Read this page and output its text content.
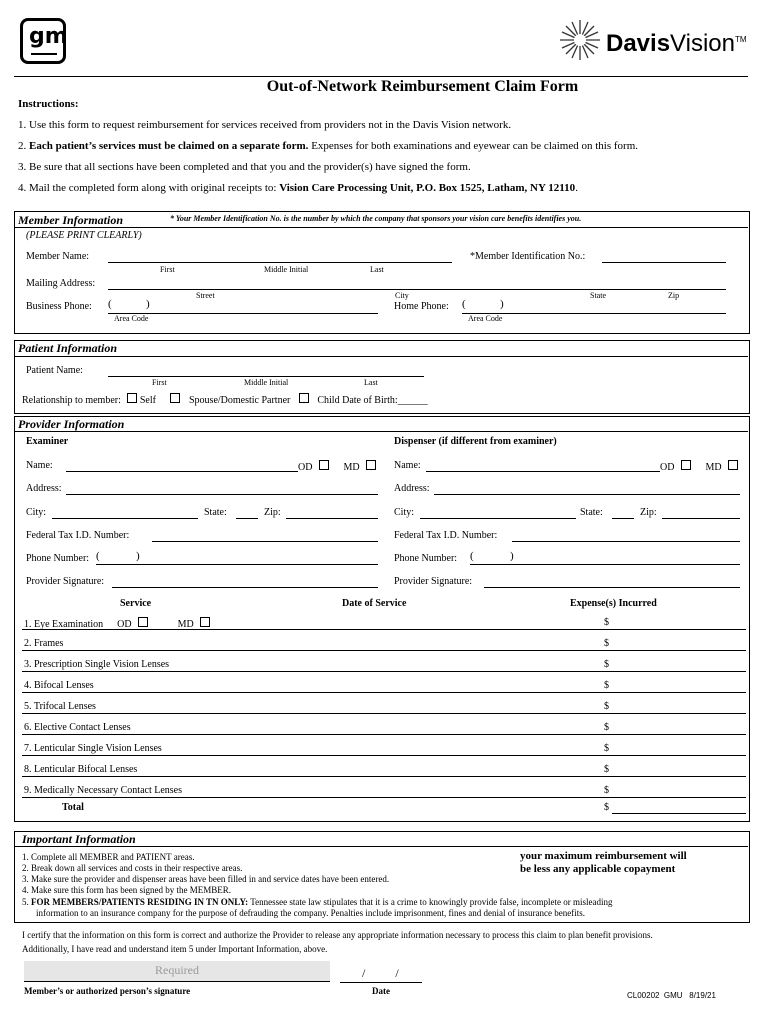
gm	DavisVision™
Out-of-Network Reimbursement Claim Form
Instructions:
1. Use this form to request reimbursement for services received from providers not in the Davis Vision network.
2. Each patient’s services must be claimed on a separate form. Expenses for both examinations and eyewear can be claimed on this form.
3. Be sure that all sections have been completed and that you and the provider(s) have signed the form.
4. Mail the completed form along with original receipts to: Vision Care Processing Unit, P.O. Box 1525, Latham, NY 12110.
Member Information	* Your Member Identification No. is the number by which the company that sponsors your vision care benefits identifies you.
(PLEASE PRINT CLEARLY)
Member Name:
First	Middle Initial	Last
*Member Identification No.:
Mailing Address:
Street	City	State	Zip
Business Phone: (	)
Area Code
Home Phone: (	)
Area Code
Patient Information
Patient Name:
First	Middle Initial	Last
Relationship to member: Self	Spouse/Domestic Partner	Child Date of Birth:______
Provider Information
Examiner	Dispenser (if different from examiner)
Name:	OD	MD
Address:
City:	State:	Zip:
Federal Tax I.D. Number:
Phone Number: (	)
Provider Signature:
Name:	OD	MD
Address:
City:	State:	Zip:
Federal Tax I.D. Number:
Phone Number: (	)
Provider Signature:
Service	Date of Service	Expense(s) Incurred
1. Eye Examination OD	MD	$
2. Frames	$
3. Prescription Single Vision Lenses	$
4. Bifocal Lenses	$
5. Trifocal Lenses	$
6. Elective Contact Lenses	$
7. Lenticular Single Vision Lenses	$
8. Lenticular Bifocal Lenses	$
9. Medically Necessary Contact Lenses	$
Total	$
Important Information
1. Complete all MEMBER and PATIENT areas.
2. Break down all services and costs in their respective areas.
3. Make sure the provider and dispenser areas have been filled in and service dates have been entered.
4. Make sure this form has been signed by the MEMBER.
5. FOR MEMBERS/PATIENTS RESIDING IN TN ONLY: Tennessee state law stipulates that it is a crime to knowingly provide false, incomplete or misleading
information to an insurance company for the purpose of defrauding the company. Penalties include imprisonment, fines and denial of insurance benefits.
your maximum reimbursement will
be less any applicable copayment
I certify that the information on this form is correct and authorize the Provider to release any appropriate information necessary to process this claim to plan benefit provisions.
Additionally, I have read and understand item 5 under Important Information, above.
Required
Member’s or authorized person’s signature
/          /
Date	CL00202  GMU   8/19/21
